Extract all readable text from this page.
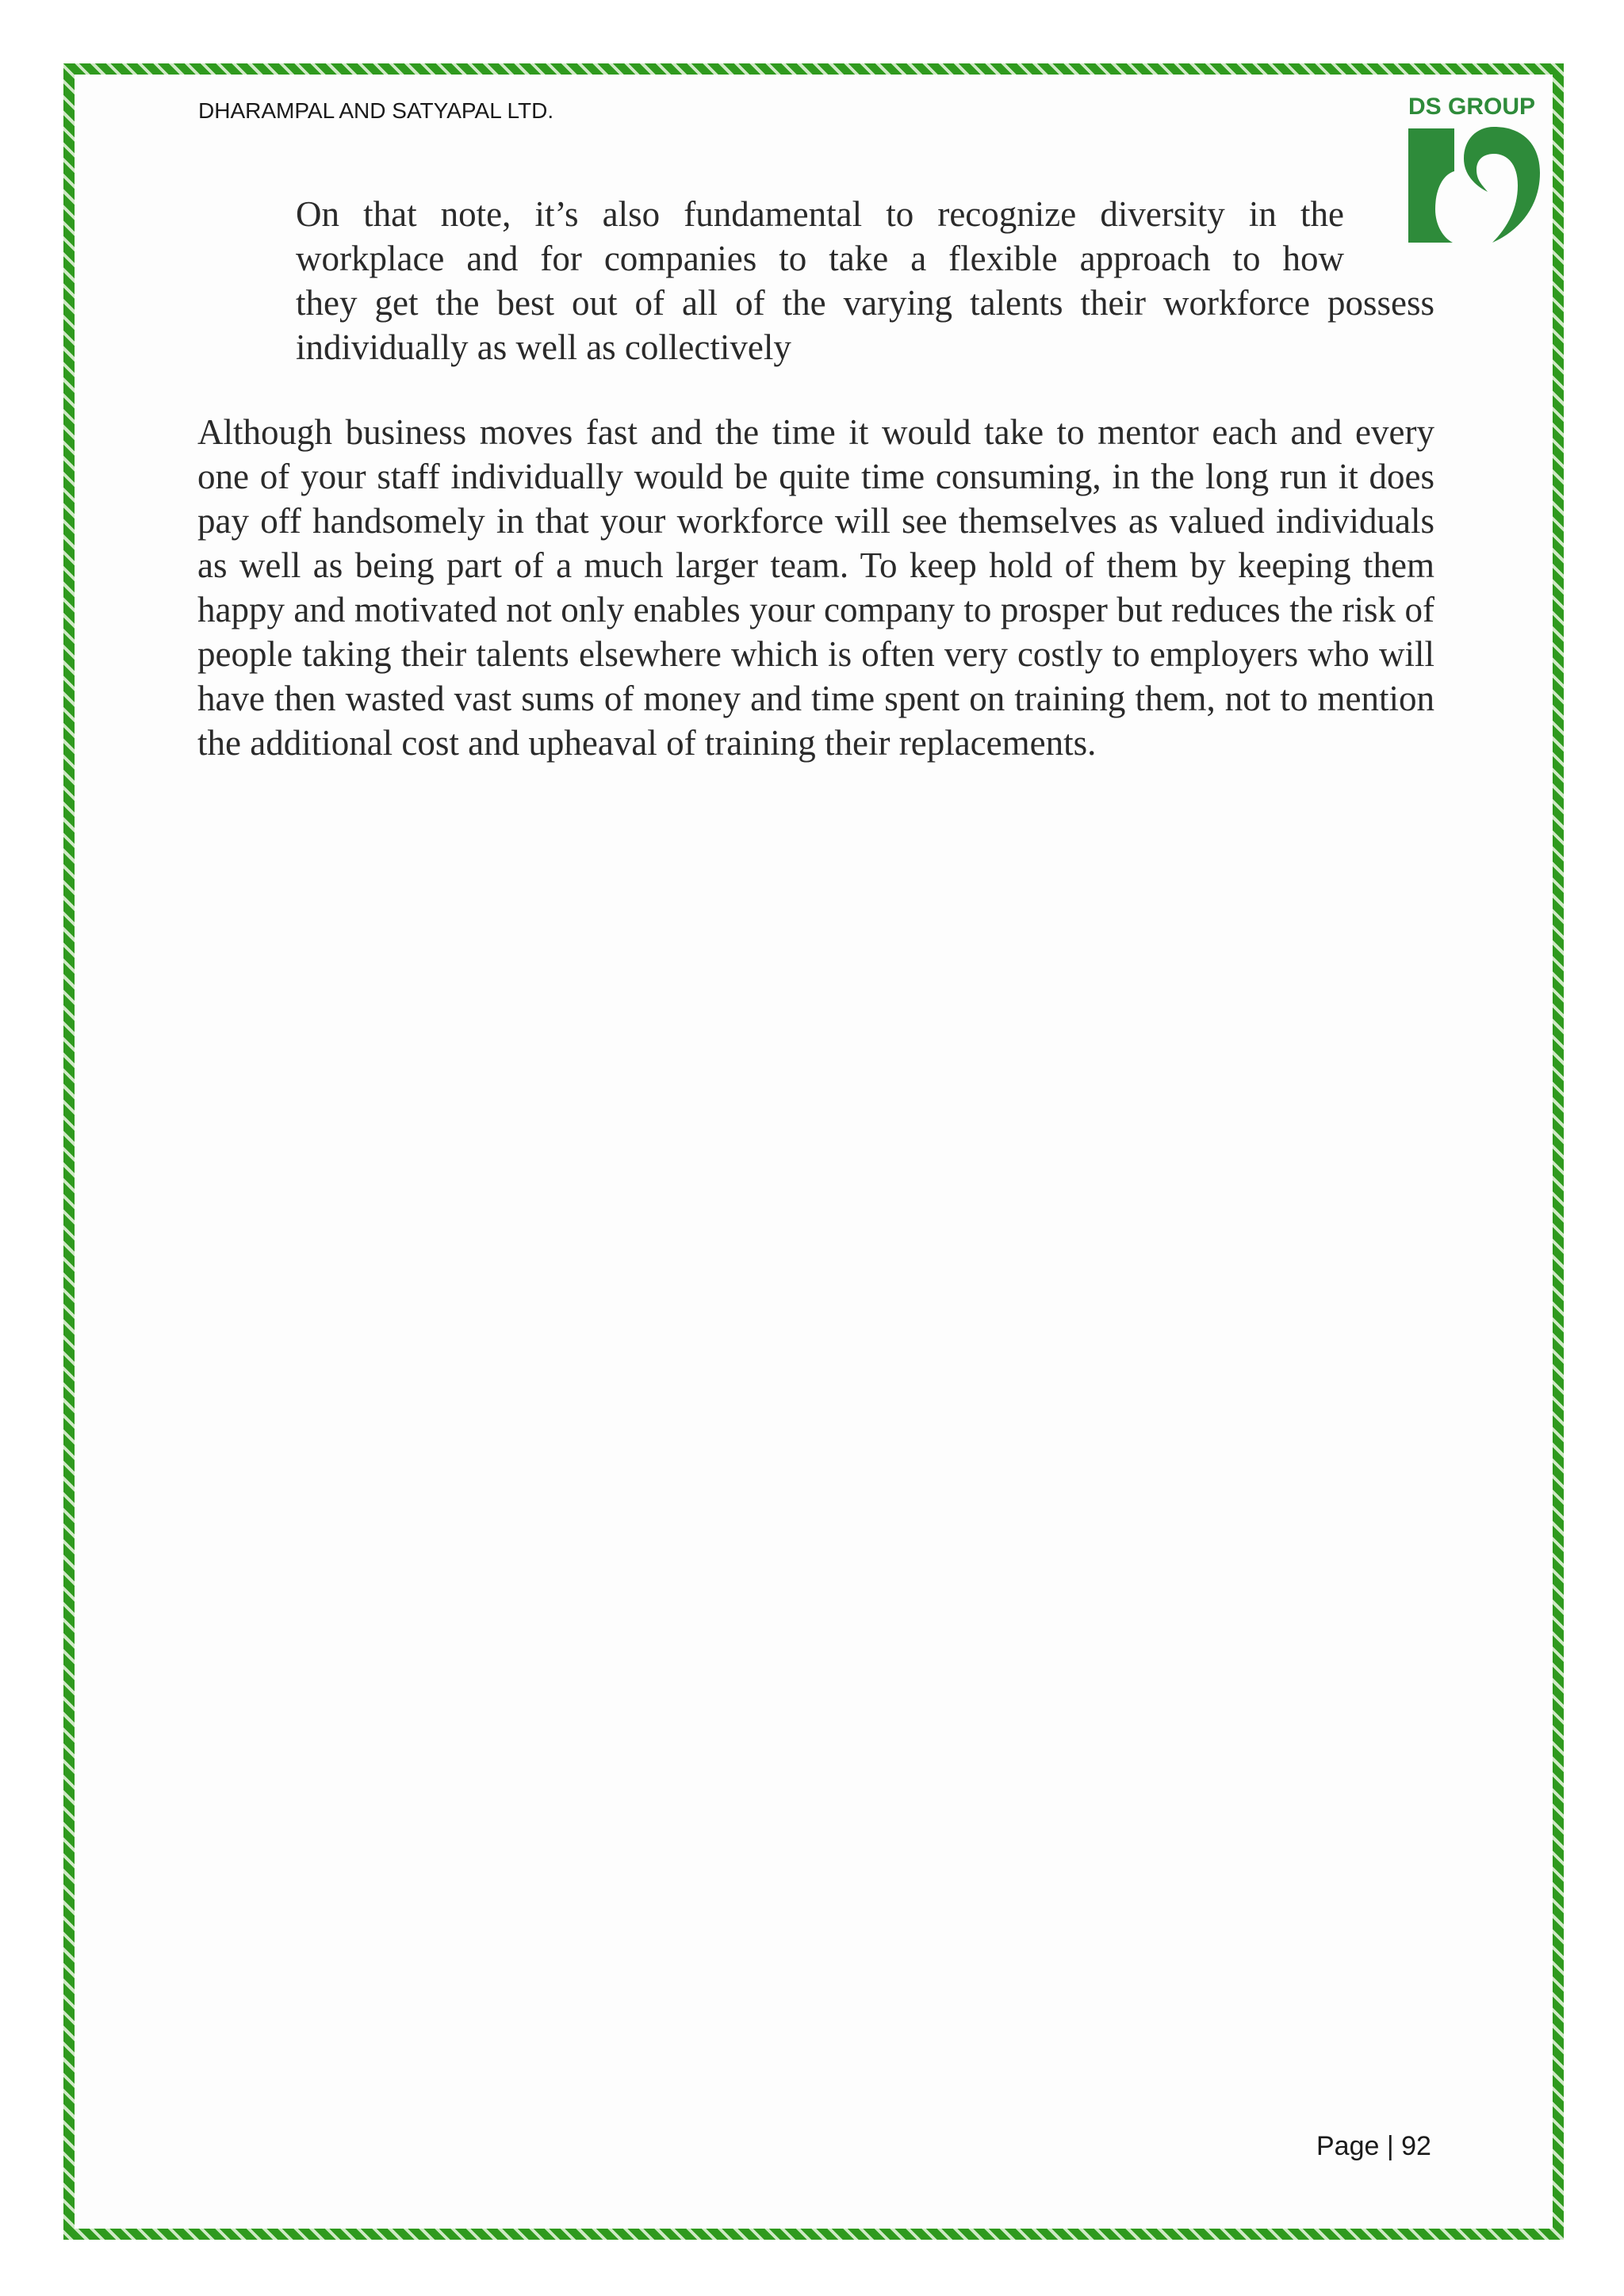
DHARAMPAL AND SATYAPAL LTD.	DS GROUP
On that note, it’s also fundamental to recognize diversity in the
workplace and for companies to take a flexible approach to how
they get the best out of all of the varying talents their workforce possess
individually as well as collectively
Although business moves fast and the time it would take to mentor each and every one of your staff individually would be quite time consuming, in the long run it does pay off handsomely in that your workforce will see themselves as valued individuals as well as being part of a much larger team. To keep hold of them by keeping them happy and motivated not only enables your company to prosper but reduces the risk of people taking their talents elsewhere which is often very costly to employers who will have then wasted vast sums of money and time spent on training them, not to mention the additional cost and upheaval of training their replacements.
Page | 92
